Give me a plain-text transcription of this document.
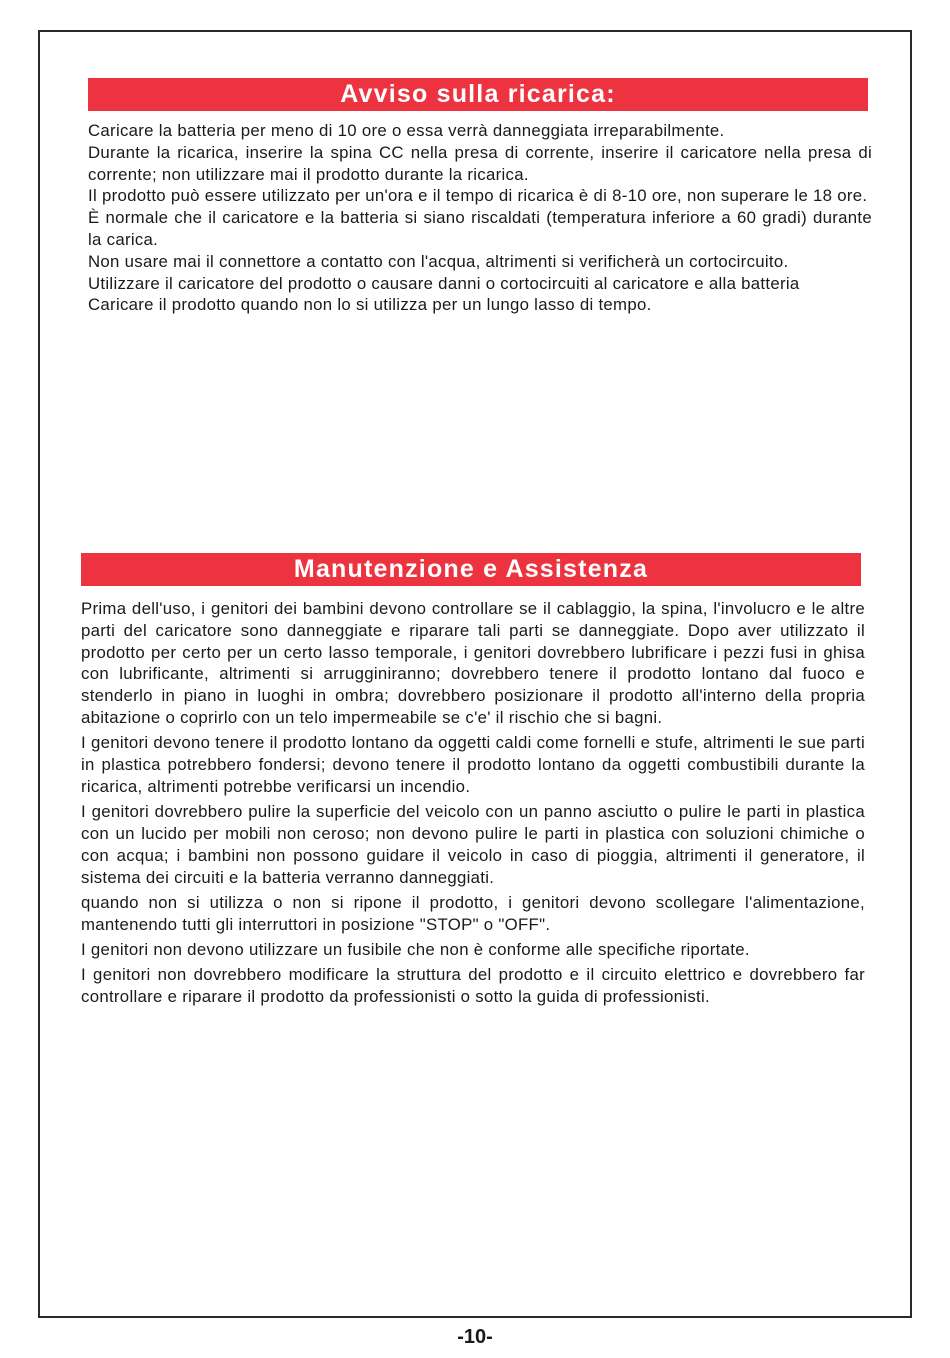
Avviso sulla ricarica:

Caricare la batteria per meno di 10 ore o essa verrà danneggiata irreparabilmente.

Durante la ricarica, inserire la spina CC nella presa di corrente, inserire il caricatore nella presa di corrente; non utilizzare mai il prodotto durante la ricarica.

Il prodotto può essere utilizzato per un'ora e il tempo di ricarica è di 8-10 ore, non superare le 18 ore.

È normale che il caricatore e la batteria si siano riscaldati (temperatura inferiore a 60 gradi) durante la carica.

Non usare mai il connettore a contatto con l'acqua, altrimenti si verificherà un cortocircuito.

Utilizzare il caricatore del prodotto o causare danni o cortocircuiti al caricatore e alla batteria

Caricare il prodotto quando non lo si utilizza per un lungo lasso di tempo.

Manutenzione e Assistenza

Prima dell'uso, i genitori dei bambini devono controllare se il cablaggio, la spina, l'involucro e le altre parti del caricatore sono danneggiate e riparare tali parti se danneggiate. Dopo aver utilizzato il prodotto per certo per un certo lasso temporale, i genitori dovrebbero lubrificare i pezzi fusi in ghisa con lubrificante, altrimenti si arrugginiranno; dovrebbero tenere il prodotto lontano dal fuoco e stenderlo in piano in luoghi in ombra; dovrebbero posizionare il prodotto all'interno della propria abitazione o coprirlo con un telo impermeabile se c'e' il rischio che si bagni.

I genitori devono tenere il prodotto lontano da oggetti caldi come fornelli e stufe, altrimenti le sue parti in plastica potrebbero fondersi; devono tenere il prodotto lontano da oggetti combustibili durante la ricarica, altrimenti potrebbe verificarsi un incendio.

I genitori dovrebbero pulire la superficie del veicolo con un panno asciutto o pulire le parti in plastica con un lucido per mobili non ceroso; non devono pulire le parti in plastica con soluzioni chimiche o con acqua; i bambini non possono guidare il veicolo in caso di pioggia, altrimenti il generatore, il sistema dei circuiti e la batteria verranno danneggiati.

quando non si utilizza o non si ripone il prodotto, i genitori devono scollegare l'alimentazione, mantenendo tutti gli interruttori in posizione "STOP" o "OFF".

I genitori non devono utilizzare un fusibile che non è conforme alle specifiche riportate.

I genitori non dovrebbero modificare la struttura del prodotto e il circuito elettrico e dovrebbero far controllare e riparare il prodotto da professionisti o sotto la guida di professionisti.

-10-
